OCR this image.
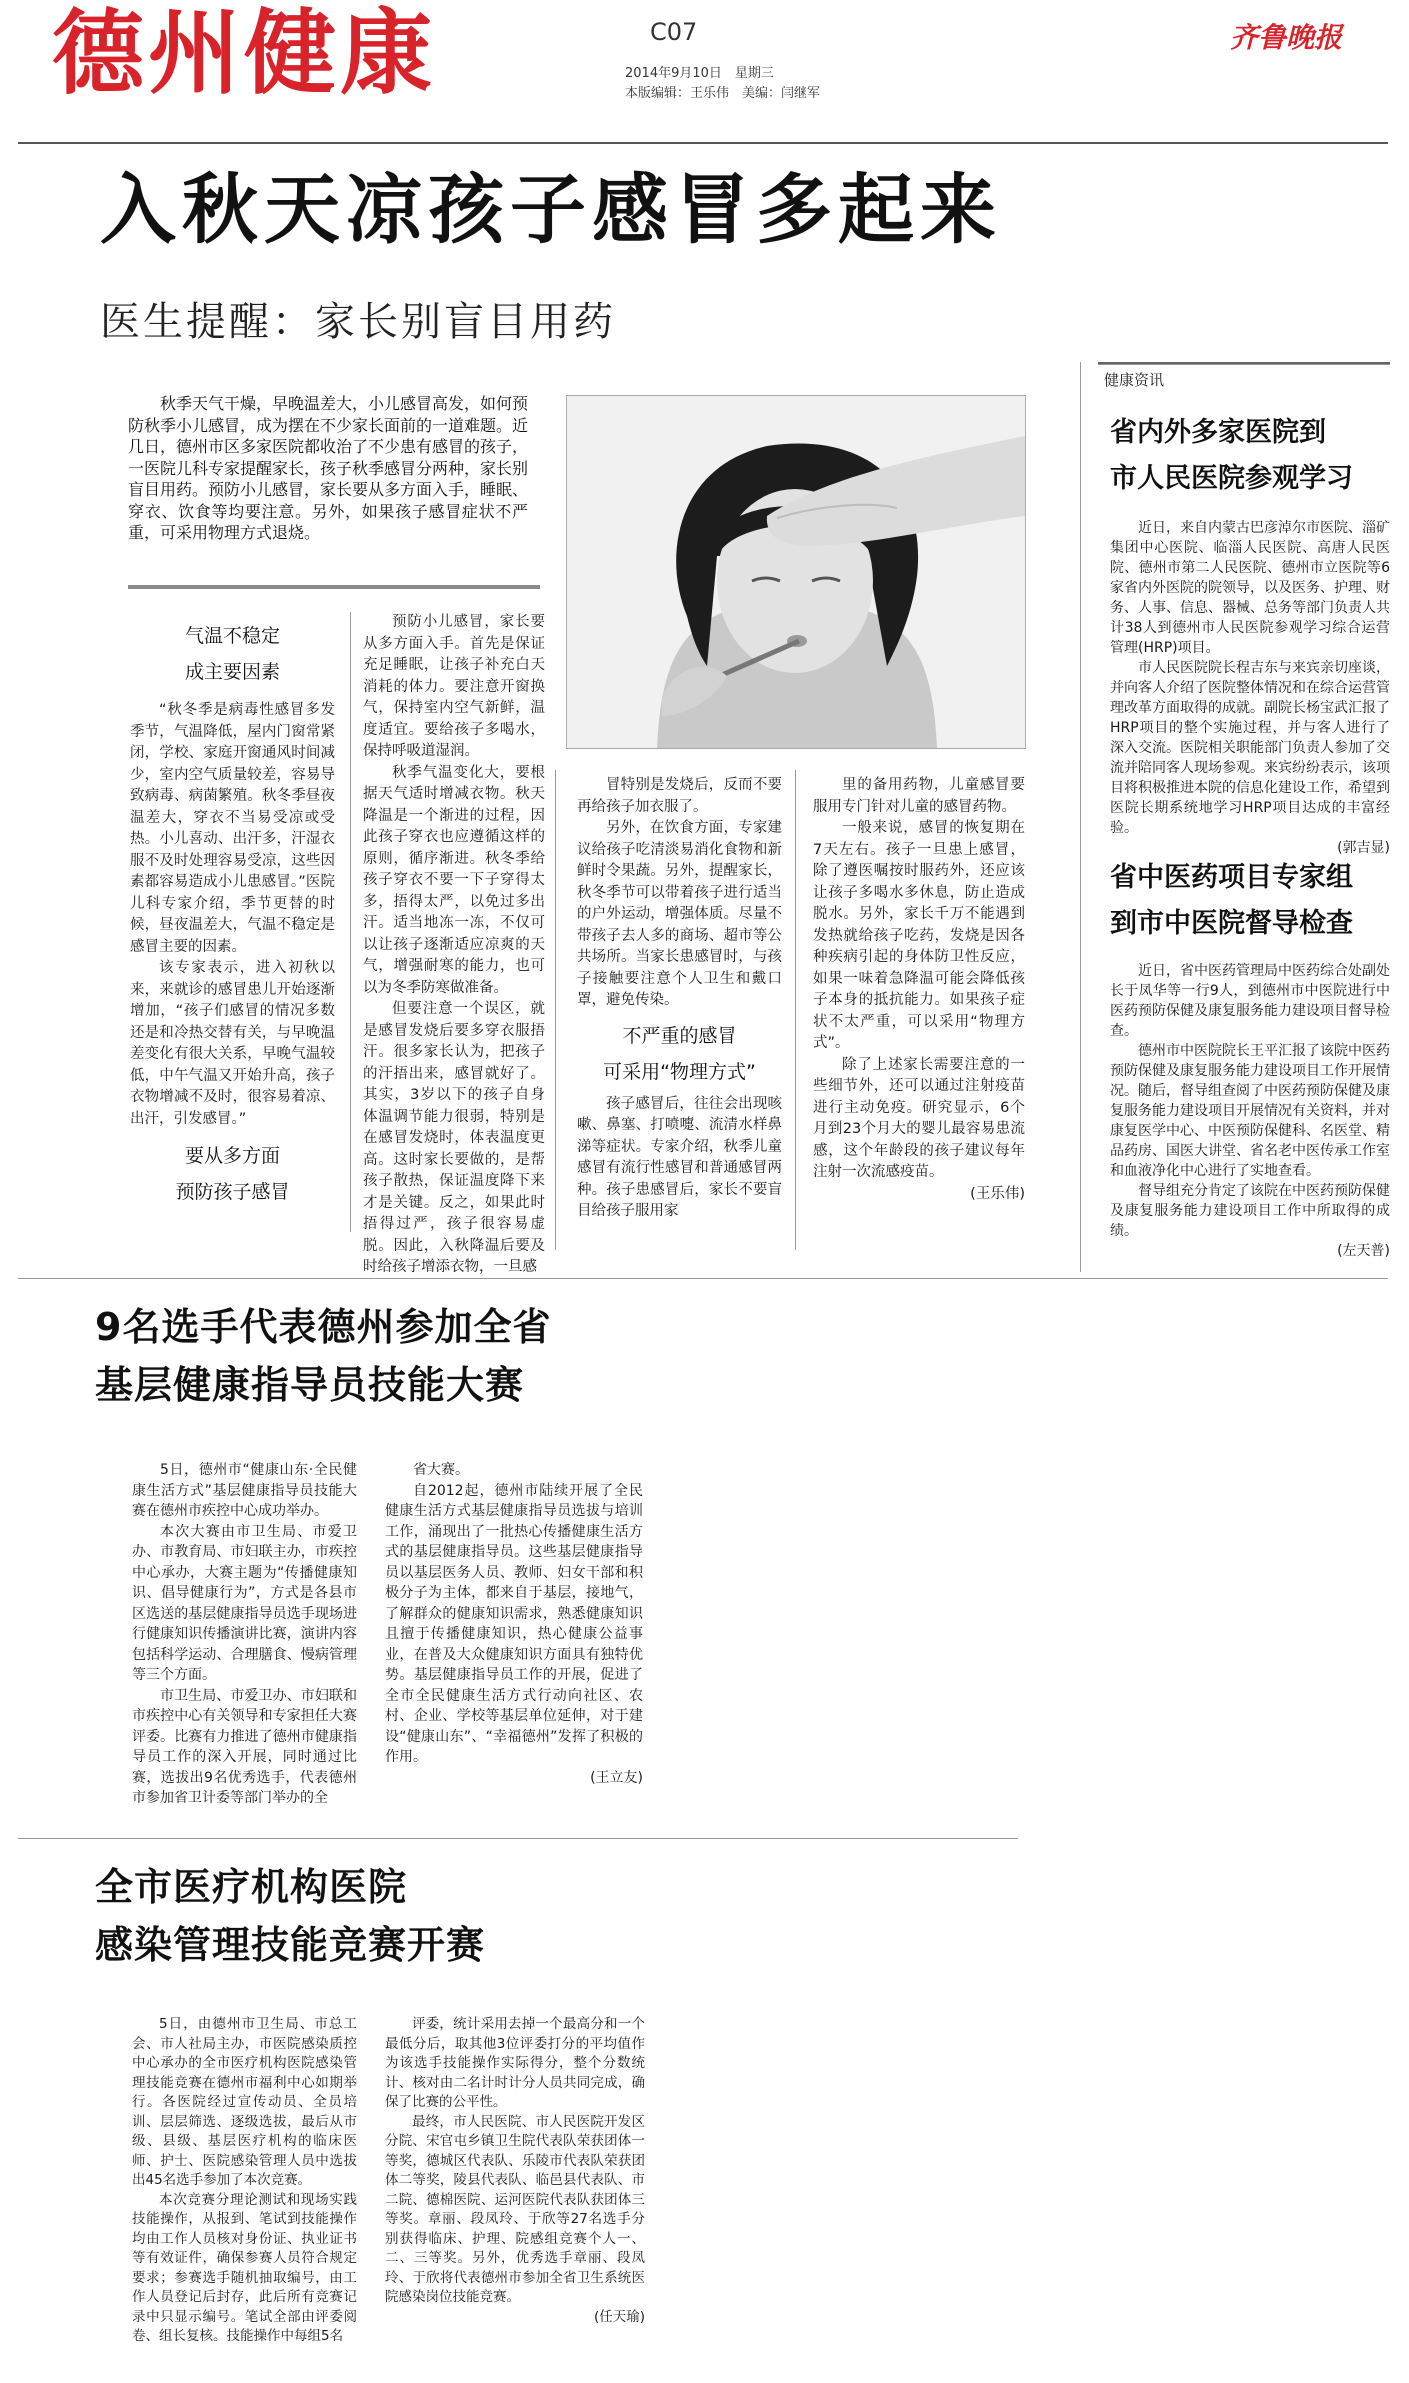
德州健康	C07
2014年9月10日　星期三
本版编辑：王乐伟　美编：闫继军
齐鲁晚报
入秋天凉孩子感冒多起来
医生提醒：家长别盲目用药
秋季天气干燥，早晚温差大，小儿感冒高发，如何预防秋季小儿感冒，成为摆在不少家长面前的一道难题。近几日，德州市区多家医院都收治了不少患有感冒的孩子，一医院儿科专家提醒家长，孩子秋季感冒分两种，家长别盲目用药。预防小儿感冒，家长要从多方面入手，睡眠、穿衣、饮食等均要注意。另外，如果孩子感冒症状不严重，可采用物理方式退烧。
气温不稳定
成主要因素

“秋冬季是病毒性感冒多发季节，气温降低，屋内门窗常紧闭，学校、家庭开窗通风时间减少，室内空气质量较差，容易导致病毒、病菌繁殖。秋冬季昼夜温差大，穿衣不当易受凉或受热。小儿喜动、出汗多，汗湿衣服不及时处理容易受凉，这些因素都容易造成小儿患感冒。”医院儿科专家介绍，季节更替的时候，昼夜温差大，气温不稳定是感冒主要的因素。

该专家表示，进入初秋以来，来就诊的感冒患儿开始逐渐增加，“孩子们感冒的情况多数还是和冷热交替有关，与早晚温差变化有很大关系，早晚气温较低，中午气温又开始升高，孩子衣物增减不及时，很容易着凉、出汗，引发感冒。”

要从多方面
预防孩子感冒

预防小儿感冒，家长要从多方面入手。首先是保证充足睡眠，让孩子补充白天消耗的体力。要注意开窗换气，保持室内空气新鲜，温度适宜。要给孩子多喝水，保持呼吸道湿润。

秋季气温变化大，要根据天气适时增减衣物。秋天降温是一个渐进的过程，因此孩子穿衣也应遵循这样的原则，循序渐进。秋冬季给孩子穿衣不要一下子穿得太多，捂得太严，以免过多出汗。适当地冻一冻，不仅可以让孩子逐渐适应凉爽的天气，增强耐寒的能力，也可以为冬季防寒做准备。

但要注意一个误区，就是感冒发烧后要多穿衣服捂汗。很多家长认为，把孩子的汗捂出来，感冒就好了。其实，3岁以下的孩子自身体温调节能力很弱，特别是在感冒发烧时，体表温度更高。这时家长要做的，是帮孩子散热，保证温度降下来才是关键。反之，如果此时捂得过严，孩子很容易虚脱。因此，入秋降温后要及时给孩子增添衣物，一旦感

冒特别是发烧后，反而不要再给孩子加衣服了。

另外，在饮食方面，专家建议给孩子吃清淡易消化食物和新鲜时令果蔬。另外，提醒家长，秋冬季节可以带着孩子进行适当的户外运动，增强体质。尽量不带孩子去人多的商场、超市等公共场所。当家长患感冒时，与孩子接触要注意个人卫生和戴口罩，避免传染。

不严重的感冒
可采用“物理方式”

孩子感冒后，往往会出现咳嗽、鼻塞、打喷嚏、流清水样鼻涕等症状。专家介绍，秋季儿童感冒有流行性感冒和普通感冒两种。孩子患感冒后，家长不要盲目给孩子服用家

里的备用药物，儿童感冒要服用专门针对儿童的感冒药物。

一般来说，感冒的恢复期在7天左右。孩子一旦患上感冒，除了遵医嘱按时服药外，还应该让孩子多喝水多休息，防止造成脱水。另外，家长千万不能遇到发热就给孩子吃药，发烧是因各种疾病引起的身体防卫性反应，如果一味着急降温可能会降低孩子本身的抵抗能力。如果孩子症状不太严重，可以采用“物理方式”。

除了上述家长需要注意的一些细节外，还可以通过注射疫苗进行主动免疫。研究显示，6个月到23个月大的婴儿最容易患流感，这个年龄段的孩子建议每年注射一次流感疫苗。

(王乐伟)
健康资讯
省内外多家医院到
市人民医院参观学习

近日，来自内蒙古巴彦淖尔市医院、淄矿集团中心医院、临淄人民医院、高唐人民医院、德州市第二人民医院、德州市立医院等6家省内外医院的院领导，以及医务、护理、财务、人事、信息、器械、总务等部门负责人共计38人到德州市人民医院参观学习综合运营管理(HRP)项目。

市人民医院院长程吉东与来宾亲切座谈，并向客人介绍了医院整体情况和在综合运营管理改革方面取得的成就。副院长杨宝武汇报了HRP项目的整个实施过程，并与客人进行了深入交流。医院相关职能部门负责人参加了交流并陪同客人现场参观。来宾纷纷表示，该项目将积极推进本院的信息化建设工作，希望到医院长期系统地学习HRP项目达成的丰富经验。

(郭吉显)
省中医药项目专家组
到市中医院督导检查

近日，省中医药管理局中医药综合处副处长于凤华等一行9人，到德州市中医院进行中医药预防保健及康复服务能力建设项目督导检查。

德州市中医院院长王平汇报了该院中医药预防保健及康复服务能力建设项目工作开展情况。随后，督导组查阅了中医药预防保健及康复服务能力建设项目开展情况有关资料，并对康复医学中心、中医预防保健科、名医堂、精品药房、国医大讲堂、省名老中医传承工作室和血液净化中心进行了实地查看。

督导组充分肯定了该院在中医药预防保健及康复服务能力建设项目工作中所取得的成绩。

(左天普)
9名选手代表德州参加全省
基层健康指导员技能大赛

5日，德州市“健康山东·全民健康生活方式”基层健康指导员技能大赛在德州市疾控中心成功举办。

本次大赛由市卫生局、市爱卫办、市教育局、市妇联主办，市疾控中心承办，大赛主题为“传播健康知识、倡导健康行为”，方式是各县市区选送的基层健康指导员选手现场进行健康知识传播演讲比赛，演讲内容包括科学运动、合理膳食、慢病管理等三个方面。

市卫生局、市爱卫办、市妇联和市疾控中心有关领导和专家担任大赛评委。比赛有力推进了德州市健康指导员工作的深入开展，同时通过比赛，选拔出9名优秀选手，代表德州市参加省卫计委等部门举办的全

省大赛。

自2012起，德州市陆续开展了全民健康生活方式基层健康指导员选拔与培训工作，涌现出了一批热心传播健康生活方式的基层健康指导员。这些基层健康指导员以基层医务人员、教师、妇女干部和积极分子为主体，都来自于基层，接地气，了解群众的健康知识需求，熟悉健康知识且擅于传播健康知识，热心健康公益事业，在普及大众健康知识方面具有独特优势。基层健康指导员工作的开展，促进了全市全民健康生活方式行动向社区、农村、企业、学校等基层单位延伸，对于建设“健康山东”、“幸福德州”发挥了积极的作用。

(王立友)
全市医疗机构医院
感染管理技能竞赛开赛

5日，由德州市卫生局、市总工会、市人社局主办，市医院感染质控中心承办的全市医疗机构医院感染管理技能竞赛在德州市福利中心如期举行。各医院经过宣传动员、全员培训、层层筛选、逐级选拔，最后从市级、县级、基层医疗机构的临床医师、护士、医院感染管理人员中选拔出45名选手参加了本次竞赛。

本次竞赛分理论测试和现场实践技能操作，从报到、笔试到技能操作均由工作人员核对身份证、执业证书等有效证件，确保参赛人员符合规定要求；参赛选手随机抽取编号，由工作人员登记后封存，此后所有竞赛记录中只显示编号。笔试全部由评委阅卷、组长复核。技能操作中每组5名

评委，统计采用去掉一个最高分和一个最低分后，取其他3位评委打分的平均值作为该选手技能操作实际得分，整个分数统计、核对由二名计时计分人员共同完成，确保了比赛的公平性。

最终，市人民医院、市人民医院开发区分院、宋官屯乡镇卫生院代表队荣获团体一等奖，德城区代表队、乐陵市代表队荣获团体二等奖，陵县代表队、临邑县代表队、市二院、德棉医院、运河医院代表队获团体三等奖。章丽、段凤玲、于欣等27名选手分别获得临床、护理、院感组竞赛个人一、二、三等奖。另外，优秀选手章丽、段凤玲、于欣将代表德州市参加全省卫生系统医院感染岗位技能竞赛。

(任天瑜)
